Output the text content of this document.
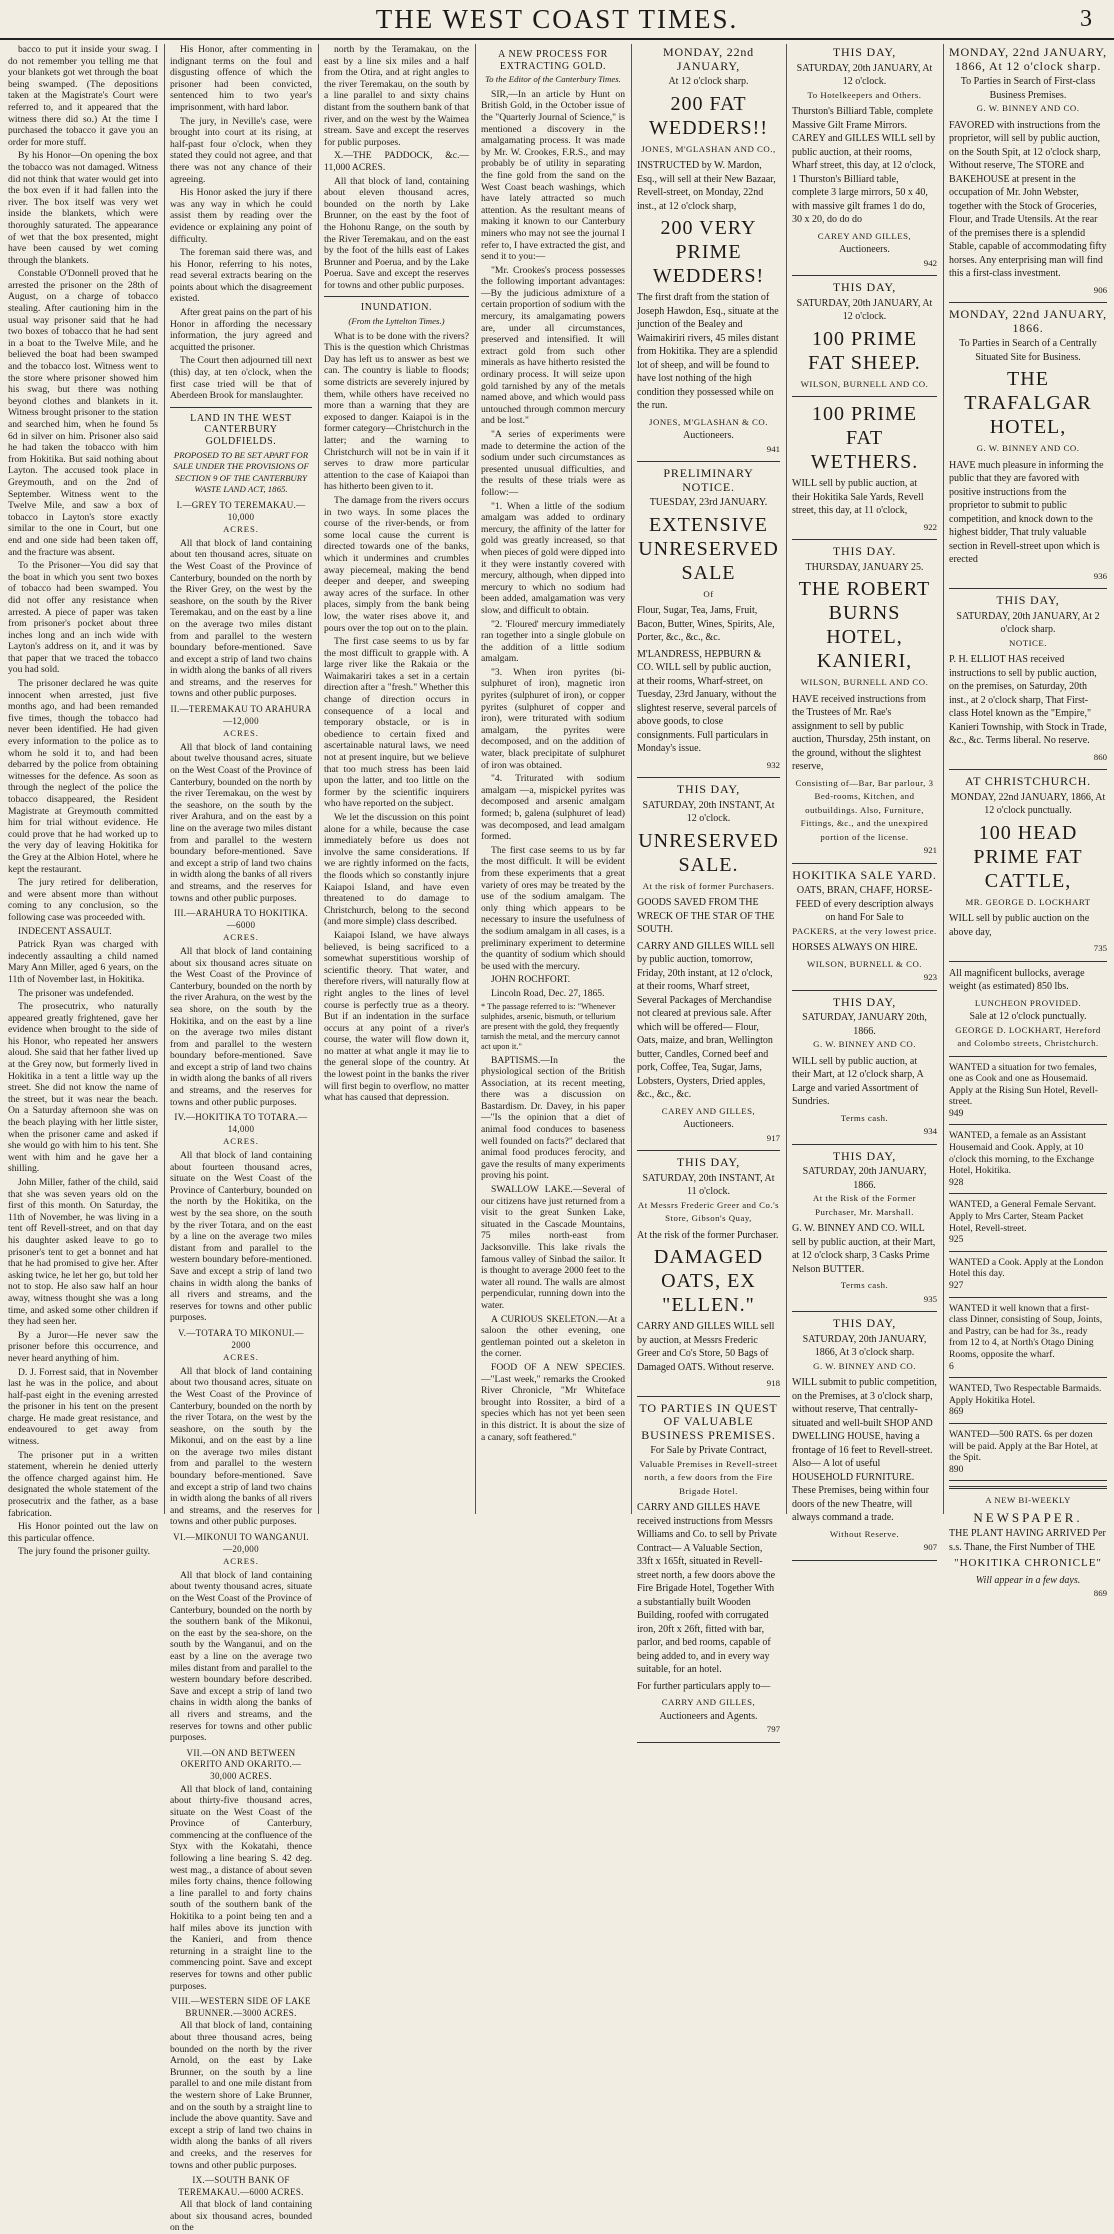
THE WEST COAST TIMES.	3

bacco to put it inside your swag. I do not remember you telling me that your blankets got wet through the boat being swamped. (The depositions taken at the Magistrate's Court were referred to, and it appeared that the witness there did so.) At the time I purchased the tobacco it gave you an order for more stuff.

By his Honor—On opening the box the tobacco was not damaged. Witness did not think that water would get into the box even if it had fallen into the river. The box itself was very wet inside the blankets, which were thoroughly saturated. The appearance of wet that the box presented, might have been caused by wet coming through the blankets.

Constable O'Donnell proved that he arrested the prisoner on the 28th of August, on a charge of tobacco stealing. After cautioning him in the usual way prisoner said that he had two boxes of tobacco that he had sent in a boat to the Twelve Mile, and he believed the boat had been swamped and the tobacco lost. Witness went to the store where prisoner showed him his swag, but there was nothing beyond clothes and blankets in it. Witness brought prisoner to the station and searched him, when he found 5s 6d in silver on him. Prisoner also said he had taken the tobacco with him from Hokitika. But said nothing about Layton. The accused took place in Greymouth, and on the 2nd of September. Witness went to the Twelve Mile, and saw a box of tobacco in Layton's store exactly similar to the one in Court, but one end and one side had been taken off, and the fracture was absent.

To the Prisoner—You did say that the boat in which you sent two boxes of tobacco had been swamped. You did not offer any resistance when arrested. A piece of paper was taken from prisoner's pocket about three inches long and an inch wide with Layton's address on it, and it was by that paper that we traced the tobacco you had sold.

The prisoner declared he was quite innocent when arrested, just five months ago, and had been remanded five times, though the tobacco had never been identified. He had given every information to the police as to whom he sold it to, and had been debarred by the police from obtaining witnesses for the defence. As soon as through the neglect of the police the tobacco disappeared, the Resident Magistrate at Greymouth committed him for trial without evidence. He could prove that he had worked up to the very day of leaving Hokitika for the Grey at the Albion Hotel, where he kept the restaurant.

The jury retired for deliberation, and were absent more than without coming to any conclusion, so the following case was proceeded with.

INDECENT ASSAULT.

Patrick Ryan was charged with indecently assaulting a child named Mary Ann Miller, aged 6 years, on the 11th of November last, in Hokitika.

The prisoner was undefended.

The prosecutrix, who naturally appeared greatly frightened, gave her evidence when brought to the side of his Honor, who repeated her answers aloud. She said that her father lived up at the Grey now, but formerly lived in Hokitika in a tent a little way up the street. She did not know the name of the street, but it was near the beach. On a Saturday afternoon she was on the beach playing with her little sister, when the prisoner came and asked if she would go with him to his tent. She went with him and he gave her a shilling.

John Miller, father of the child, said that she was seven years old on the first of this month. On Saturday, the 11th of November, he was living in a tent off Revell-street, and on that day his daughter asked leave to go to prisoner's tent to get a bonnet and hat that he had promised to give her. After asking twice, he let her go, but told her not to stop. He also saw half an hour away, witness thought she was a long time, and asked some other children if they had seen her.

By a Juror—He never saw the prisoner before this occurrence, and never heard anything of him.

D. J. Forrest said, that in November last he was in the police, and about half-past eight in the evening arrested the prisoner in his tent on the present charge. He made great resistance, and endeavoured to get away from witness.

The prisoner put in a written statement, wherein he denied utterly the offence charged against him. He designated the whole statement of the prosecutrix and the father, as a base fabrication.

His Honor pointed out the law on this particular offence.

The jury found the prisoner guilty.

His Honor, after commenting in indignant terms on the foul and disgusting offence of which the prisoner had been convicted, sentenced him to two year's imprisonment, with hard labor.

The jury, in Neville's case, were brought into court at its rising, at half-past four o'clock, when they stated they could not agree, and that there was not any chance of their agreeing.

His Honor asked the jury if there was any way in which he could assist them by reading over the evidence or explaining any point of difficulty.

The foreman said there was, and his Honor, referring to his notes, read several extracts bearing on the points about which the disagreement existed.

After great pains on the part of his Honor in affording the necessary information, the jury agreed and acquitted the prisoner.

The Court then adjourned till next (this) day, at ten o'clock, when the first case tried will be that of Aberdeen Brook for manslaughter.

LAND IN THE WEST CANTERBURY GOLDFIELDS.
PROPOSED TO BE SET APART FOR SALE UNDER THE PROVISIONS OF SECTION 9 OF THE CANTERBURY WASTE LAND ACT, 1865.
I.—GREY TO TEREMAKAU.—10,000
ACRES.

All that block of land containing about ten thousand acres, situate on the West Coast of the Province of Canterbury, bounded on the north by the River Grey, on the west by the seashore, on the south by the River Teremakau, and on the east by a line on the average two miles distant from and parallel to the western boundary before-mentioned. Save and except a strip of land two chains in width along the banks of all rivers and streams, and the reserves for towns and other public purposes.

II.—TEREMAKAU TO ARAHURA—12,000
ACRES.

All that block of land containing about twelve thousand acres, situate on the West Coast of the Province of Canterbury, bounded on the north by the river Teremakau, on the west by the seashore, on the south by the river Arahura, and on the east by a line on the average two miles distant from and parallel to the western boundary before-mentioned. Save and except a strip of land two chains in width along the banks of all rivers and streams, and the reserves for towns and other public purposes.

III.—ARAHURA TO HOKITIKA.—6000
ACRES.

All that block of land containing about six thousand acres situate on the West Coast of the Province of Canterbury, bounded on the north by the river Arahura, on the west by the sea shore, on the south by the Hokitika, and on the east by a line on the average two miles distant from and parallel to the western boundary before-mentioned. Save and except a strip of land two chains in width along the banks of all rivers and streams, and the reserves for towns and other public purposes.

IV.—HOKITIKA TO TOTARA.—14,000
ACRES.

All that block of land containing about fourteen thousand acres, situate on the West Coast of the Province of Canterbury, bounded on the north by the Hokitika, on the west by the sea shore, on the south by the river Totara, and on the east by a line on the average two miles distant from and parallel to the western boundary before-mentioned. Save and except a strip of land two chains in width along the banks of all rivers and streams, and the reserves for towns and other public purposes.

V.—TOTARA TO MIKONUI.—2000
ACRES.

All that block of land containing about two thousand acres, situate on the West Coast of the Province of Canterbury, bounded on the north by the river Totara, on the west by the seashore, on the south by the Mikonui, and on the east by a line on the average two miles distant from and parallel to the western boundary before-mentioned. Save and except a strip of land two chains in width along the banks of all rivers and streams, and the reserves for towns and other public purposes.

VI.—MIKONUI TO WANGANUI.—20,000
ACRES.

All that block of land containing about twenty thousand acres, situate on the West Coast of the Province of Canterbury, bounded on the north by the southern bank of the Mikonui, on the east by the sea-shore, on the south by the Wanganui, and on the east by a line on the average two miles distant from and parallel to the western boundary before described. Save and except a strip of land two chains in width along the banks of all rivers and streams, and the reserves for towns and other public purposes.

VII.—ON AND BETWEEN OKERITO AND OKARITO.—30,000 ACRES.

All that block of land, containing about thirty-five thousand acres, situate on the West Coast of the Province of Canterbury, commencing at the confluence of the Styx with the Kokatahi, thence following a line bearing S. 42 deg. west mag., a distance of about seven miles forty chains, thence following a line parallel to and forty chains south of the southern bank of the Hokitika to a point being ten and a half miles above its junction with the Kanieri, and from thence returning in a straight line to the commencing point. Save and except reserves for towns and other public purposes.

VIII.—WESTERN SIDE OF LAKE BRUNNER.—3000 ACRES.

All that block of land, containing about three thousand acres, being bounded on the north by the river Arnold, on the east by Lake Brunner, on the south by a line parallel to and one mile distant from the western shore of Lake Brunner, and on the south by a straight line to include the above quantity. Save and except a strip of land two chains in width along the banks of all rivers and creeks, and the reserves for towns and other public purposes.

IX.—SOUTH BANK OF TEREMAKAU.—6000 ACRES.

All that block of land containing about six thousand acres, bounded on the

north by the Teramakau, on the east by a line six miles and a half from the Otira, and at right angles to the river Teremakau, on the south by a line parallel to and sixty chains distant from the southern bank of that river, and on the west by the Waimea stream. Save and except the reserves for public purposes.

X.—THE PADDOCK, &c.—11,000 ACRES.

All that block of land, containing about eleven thousand acres, bounded on the north by Lake Brunner, on the east by the foot of the Hohonu Range, on the south by the River Teremakau, and on the east by the foot of the hills east of Lakes Brunner and Poerua, and by the Lake Poerua. Save and except the reserves for towns and other public purposes.

INUNDATION.
(From the Lyttelton Times.)

What is to be done with the rivers? This is the question which Christmas Day has left us to answer as best we can. The country is liable to floods; some districts are severely injured by them, while others have received no more than a warning that they are exposed to danger. Kaiapoi is in the former category—Christchurch in the latter; and the warning to Christchurch will not be in vain if it serves to draw more particular attention to the case of Kaiapoi than has hitherto been given to it.

The damage from the rivers occurs in two ways. In some places the course of the river-bends, or from some local cause the current is directed towards one of the banks, which it undermines and crumbles away piecemeal, making the bend deeper and deeper, and sweeping away acres of the surface. In other places, simply from the bank being low, the water rises above it, and pours over the top out on to the plain.

The first case seems to us by far the most difficult to grapple with. A large river like the Rakaia or the Waimakariri takes a set in a certain direction after a "fresh." Whether this change of direction occurs in consequence of a local and temporary obstacle, or is in obedience to certain fixed and ascertainable natural laws, we need not at present inquire, but we believe that too much stress has been laid upon the latter, and too little on the former by the scientific inquirers who have reported on the subject.

We let the discussion on this point alone for a while, because the case immediately before us does not involve the same considerations. If we are rightly informed on the facts, the floods which so constantly injure Kaiapoi Island, and have even threatened to do damage to Christchurch, belong to the second (and more simple) class described.

Kaiapoi Island, we have always believed, is being sacrificed to a somewhat superstitious worship of scientific theory. That water, and therefore rivers, will naturally flow at right angles to the lines of level course is perfectly true as a theory. But if an indentation in the surface occurs at any point of a river's course, the water will flow down it, no matter at what angle it may lie to the general slope of the country. At the lowest point in the banks the river will first begin to overflow, no matter what has caused that depression.

A NEW PROCESS FOR EXTRACTING GOLD.
To the Editor of the Canterbury Times.

SIR,—In an article by Hunt on British Gold, in the October issue of the "Quarterly Journal of Science," is mentioned a discovery in the amalgamating process. It was made by Mr. W. Crookes, F.R.S., and may probably be of utility in separating the fine gold from the sand on the West Coast beach washings, which have lately attracted so much attention. As the resultant means of making it known to our Canterbury miners who may not see the journal I refer to, I have extracted the gist, and send it to you:—

"Mr. Crookes's process possesses the following important advantages:—By the judicious admixture of a certain proportion of sodium with the mercury, its amalgamating powers are, under all circumstances, preserved and intensified. It will extract gold from such other minerals as have hitherto resisted the ordinary process. It will seize upon gold tarnished by any of the metals named above, and which would pass untouched through common mercury and be lost."

"A series of experiments were made to determine the action of the sodium under such circumstances as presented unusual difficulties, and the results of these trials were as follow:—

"1. When a little of the sodium amalgam was added to ordinary mercury, the affinity of the latter for gold was greatly increased, so that when pieces of gold were dipped into it they were instantly covered with mercury, although, when dipped into mercury to which no sodium had been added, amalgamation was very slow, and difficult to obtain.

"2. 'Floured' mercury immediately ran together into a single globule on the addition of a little sodium amalgam.

"3. When iron pyrites (bi-sulphuret of iron), magnetic iron pyrites (sulphuret of iron), or copper pyrites (sulphuret of copper and iron), were triturated with sodium amalgam, the pyrites were decomposed, and on the addition of water, black precipitate of sulphuret of iron was obtained.

"4. Triturated with sodium amalgam —a, mispickel pyrites was decomposed and arsenic amalgam formed; b, galena (sulphuret of lead) was decomposed, and lead amalgam formed.

The first case seems to us by far the most difficult. It will be evident from these experiments that a great variety of ores may be treated by the use of the sodium amalgam. The only thing which appears to be necessary to insure the usefulness of the sodium amalgam in all cases, is a preliminary experiment to determine the quantity of sodium which should be used with the mercury.

JOHN ROCHFORT.

Lincoln Road, Dec. 27, 1865.

* The passage referred to is: "Whenever sulphides, arsenic, bismuth, or tellurium are present with the gold, they frequently tarnish the metal, and the mercury cannot act upon it."

BAPTISMS.—In the physiological section of the British Association, at its recent meeting, there was a discussion on Bastardism. Dr. Davey, in his paper—"Is the opinion that a diet of animal food conduces to baseness well founded on facts?" declared that animal food produces ferocity, and gave the results of many experiments proving his point.

SWALLOW LAKE.—Several of our citizens have just returned from a visit to the great Sunken Lake, situated in the Cascade Mountains, 75 miles north-east from Jacksonville. This lake rivals the famous valley of Sinbad the sailor. It is thought to average 2000 feet to the water all round. The walls are almost perpendicular, running down into the water.

A CURIOUS SKELETON.—At a saloon the other evening, one gentleman pointed out a skeleton in the corner.

FOOD OF A NEW SPECIES.—"Last week," remarks the Crooked River Chronicle, "Mr Whiteface brought into Rossiter, a bird of a species which has not yet been seen in this district. It is about the size of a canary, soft feathered."

MONDAY, 22nd JANUARY,
At 12 o'clock sharp.
200 FAT WEDDERS!!
JONES, M'GLASHAN AND CO.,
INSTRUCTED by W. Mardon, Esq., will sell at their New Bazaar, Revell-street, on Monday, 22nd inst., at 12 o'clock sharp,
200 VERY PRIME WEDDERS!
The first draft from the station of Joseph Hawdon, Esq., situate at the junction of the Bealey and Waimakiriri rivers, 45 miles distant from Hokitika. They are a splendid lot of sheep, and will be found to have lost nothing of the high condition they possessed while on the run.
JONES, M'GLASHAN & CO.
Auctioneers.
941
PRELIMINARY NOTICE.
TUESDAY, 23rd JANUARY.
EXTENSIVE UNRESERVED SALE
Of
Flour, Sugar, Tea, Jams, Fruit, Bacon, Butter, Wines, Spirits, Ale, Porter, &c., &c., &c.
M'LANDRESS, HEPBURN & CO. WILL sell by public auction, at their rooms, Wharf-street, on Tuesday, 23rd January, without the slightest reserve, several parcels of above goods, to close consignments. Full particulars in Monday's issue.
932
THIS DAY,
SATURDAY, 20th INSTANT, At 12 o'clock.
UNRESERVED SALE.
At the risk of former Purchasers.
GOODS SAVED FROM THE WRECK OF THE STAR OF THE SOUTH.
CARRY AND GILLES WILL sell by public auction, tomorrow, Friday, 20th instant, at 12 o'clock, at their rooms, Wharf street, Several Packages of Merchandise not cleared at previous sale. After which will be offered— Flour, Oats, maize, and bran, Wellington butter, Candles, Corned beef and pork, Coffee, Tea, Sugar, Jams, Lobsters, Oysters, Dried apples, &c., &c., &c.
CAREY AND GILLES,
Auctioneers.
917
THIS DAY,
SATURDAY, 20th INSTANT, At 11 o'clock.
At Messrs Frederic Greer and Co.'s Store, Gibson's Quay,
At the risk of the former Purchaser.
DAMAGED OATS, EX "ELLEN."
CARRY AND GILLES WILL sell by auction, at Messrs Frederic Greer and Co's Store, 50 Bags of Damaged OATS. Without reserve.
918
TO PARTIES IN QUEST OF VALUABLE BUSINESS PREMISES.
For Sale by Private Contract,
Valuable Premises in Revell-street north, a few doors from the Fire Brigade Hotel.
CARRY AND GILLES HAVE received instructions from Messrs Williams and Co. to sell by Private Contract— A Valuable Section, 33ft x 165ft, situated in Revell-street north, a few doors above the Fire Brigade Hotel, Together With a substantially built Wooden Building, roofed with corrugated iron, 20ft x 26ft, fitted with bar, parlor, and bed rooms, capable of being added to, and in every way suitable, for an hotel.
For further particulars apply to—
CARRY AND GILLES,
Auctioneers and Agents.
797
THIS DAY,
SATURDAY, 20th JANUARY, At 12 o'clock.
To Hotelkeepers and Others.
Thurston's Billiard Table, complete Massive Gilt Frame Mirrors. CAREY and GILLES WILL sell by public auction, at their rooms, Wharf street, this day, at 12 o'clock, 1 Thurston's Billiard table, complete 3 large mirrors, 50 x 40, with massive gilt frames 1 do do, 30 x 20, do do do
CAREY AND GILLES,
Auctioneers.
942
THIS DAY,
SATURDAY, 20th JANUARY, At 12 o'clock.
100 PRIME FAT SHEEP.
WILSON, BURNELL AND CO.
100 PRIME FAT WETHERS.
WILL sell by public auction, at their Hokitika Sale Yards, Revell street, this day, at 11 o'clock,
922
THIS DAY.
THURSDAY, JANUARY 25.
THE ROBERT BURNS HOTEL, KANIERI,
WILSON, BURNELL AND CO.
HAVE received instructions from the Trustees of Mr. Rae's assignment to sell by public auction, Thursday, 25th instant, on the ground, without the slightest reserve,
Consisting of—Bar, Bar parlour, 3 Bed-rooms, Kitchen, and outbuildings. Also, Furniture, Fittings, &c., and the unexpired portion of the license.
921
HOKITIKA SALE YARD.
OATS, BRAN, CHAFF, HORSE-FEED of every description always on hand For Sale to
PACKERS, at the very lowest price.
HORSES ALWAYS ON HIRE.
WILSON, BURNELL & CO.
923
THIS DAY,
SATURDAY, JANUARY 20th, 1866.
G. W. BINNEY AND CO.
WILL sell by public auction, at their Mart, at 12 o'clock sharp, A Large and varied Assortment of Sundries.
Terms cash.
934
THIS DAY,
SATURDAY, 20th JANUARY, 1866.
At the Risk of the Former Purchaser, Mr. Marshall.
G. W. BINNEY AND CO. WILL sell by public auction, at their Mart, at 12 o'clock sharp, 3 Casks Prime Nelson BUTTER.
Terms cash.
935
THIS DAY,
SATURDAY, 20th JANUARY, 1866, At 3 o'clock sharp.
G. W. BINNEY AND CO.
WILL submit to public competition, on the Premises, at 3 o'clock sharp, without reserve, That centrally-situated and well-built SHOP AND DWELLING HOUSE, having a frontage of 16 feet to Revell-street. Also— A lot of useful HOUSEHOLD FURNITURE. These Premises, being within four doors of the new Theatre, will always command a trade.
Without Reserve.
907
MONDAY, 22nd JANUARY, 1866, At 12 o'clock sharp.
To Parties in Search of First-class Business Premises.
G. W. BINNEY AND CO.
FAVORED with instructions from the proprietor, will sell by public auction, on the South Spit, at 12 o'clock sharp, Without reserve, The STORE and BAKEHOUSE at present in the occupation of Mr. John Webster, together with the Stock of Groceries, Flour, and Trade Utensils. At the rear of the premises there is a splendid Stable, capable of accommodating fifty horses. Any enterprising man will find this a first-class investment.
906
MONDAY, 22nd JANUARY, 1866.
To Parties in Search of a Centrally Situated Site for Business.
THE TRAFALGAR HOTEL,
G. W. BINNEY AND CO.
HAVE much pleasure in informing the public that they are favored with positive instructions from the proprietor to submit to public competition, and knock down to the highest bidder, That truly valuable section in Revell-street upon which is erected
936
THIS DAY,
SATURDAY, 20th JANUARY, At 2 o'clock sharp.
NOTICE.
P. H. ELLIOT HAS received instructions to sell by public auction, on the premises, on Saturday, 20th inst., at 2 o'clock sharp, That First-class Hotel known as the "Empire," Kanieri Township, with Stock in Trade, &c., &c. Terms liberal. No reserve.
860
AT CHRISTCHURCH.
MONDAY, 22nd JANUARY, 1866, At 12 o'clock punctually.
100 HEAD PRIME FAT CATTLE,
MR. GEORGE D. LOCKHART
WILL sell by public auction on the above day,
735
All magnificent bullocks, average weight (as estimated) 850 lbs.
LUNCHEON PROVIDED.
Sale at 12 o'clock punctually.
GEORGE D. LOCKHART, Hereford and Colombo streets, Christchurch.
WANTED a situation for two females, one as Cook and one as Housemaid. Apply at the Rising Sun Hotel, Revell-street.
949
WANTED, a female as an Assistant Housemaid and Cook. Apply, at 10 o'clock this morning, to the Exchange Hotel, Hokitika.
928
WANTED, a General Female Servant. Apply to Mrs Carter, Steam Packet Hotel, Revell-street.
925
WANTED a Cook. Apply at the London Hotel this day.
927
WANTED it well known that a first-class Dinner, consisting of Soup, Joints, and Pastry, can be had for 3s., ready from 12 to 4, at North's Otago Dining Rooms, opposite the wharf.
6
WANTED, Two Respectable Barmaids. Apply Hokitika Hotel.
869
WANTED—500 RATS. 6s per dozen will be paid. Apply at the Bar Hotel, at the Spit.
890
A NEW BI-WEEKLY
NEWSPAPER.
THE PLANT HAVING ARRIVED Per s.s. Thane, the First Number of THE
"HOKITIKA CHRONICLE"
Will appear in a few days.
869
